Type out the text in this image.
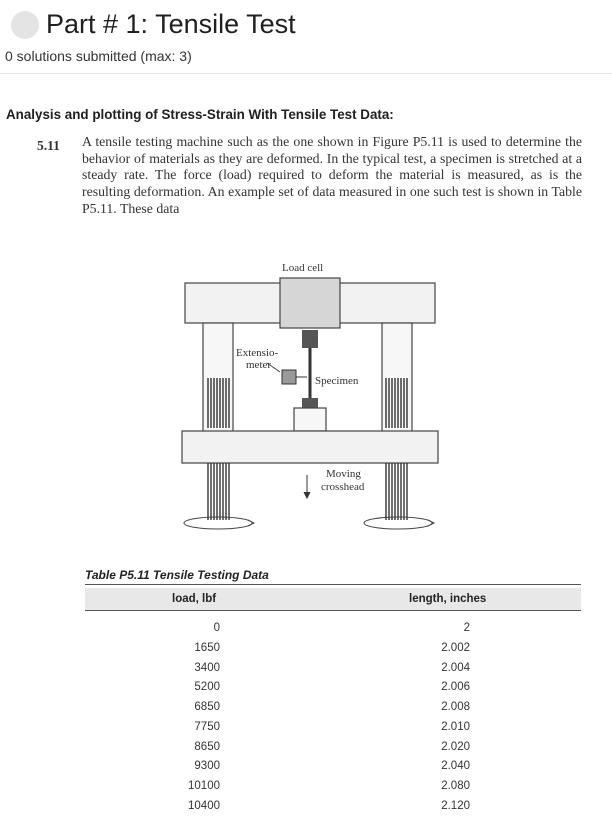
Part # 1: Tensile Test
0 solutions submitted (max: 3)
Analysis and plotting of Stress-Strain With Tensile Test Data:
5.11 A tensile testing machine such as the one shown in Figure P5.11 is used to determine the behavior of materials as they are deformed. In the typical test, a specimen is stretched at a steady rate. The force (load) required to deform the material is measured, as is the resulting deformation. An example set of data measured in one such test is shown in Table P5.11. These data

Load cell
Extensio-
meter
Specimen
Moving
crosshead
Table P5.11 Tensile Testing Data
load, lbf	length, inches
0
1650
3400
5200
6850
7750
8650
9300
10100
10400
2
2.002
2.004
2.006
2.008
2.010
2.020
2.040
2.080
2.120
